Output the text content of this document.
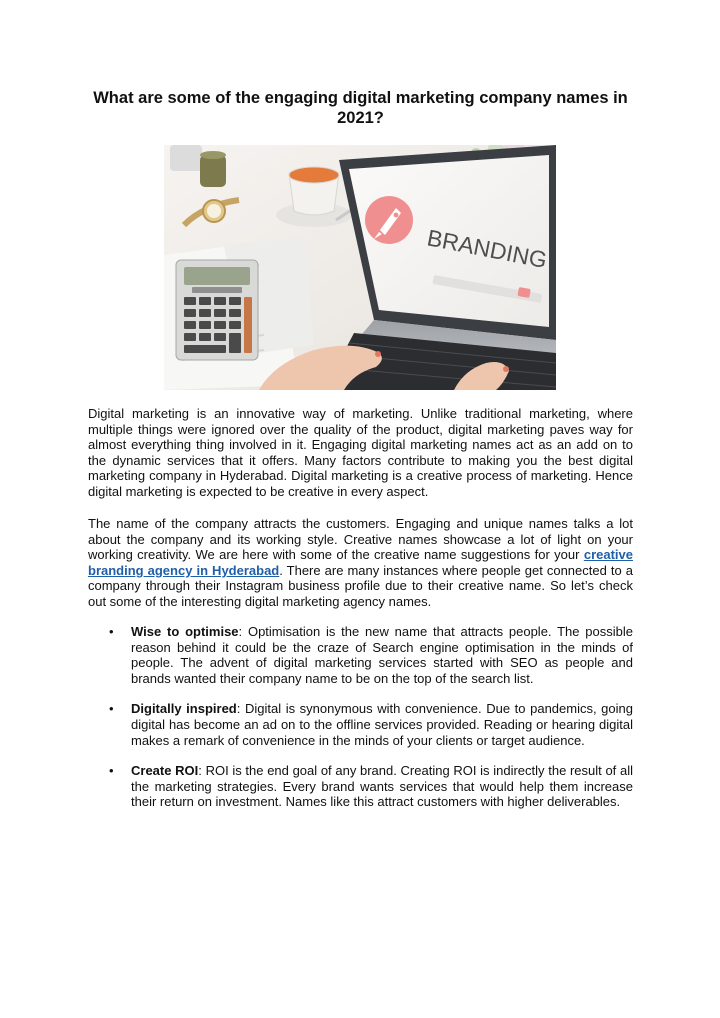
What are some of the engaging digital marketing company names in 2021?
BRANDING

Digital marketing is an innovative way of marketing. Unlike traditional marketing, where multiple things were ignored over the quality of the product, digital marketing paves way for almost everything thing involved in it. Engaging digital marketing names act as an add on to the dynamic services that it offers. Many factors contribute to making you the best digital marketing company in Hyderabad. Digital marketing is a creative process of marketing. Hence digital marketing is expected to be creative in every aspect.

The name of the company attracts the customers. Engaging and unique names talks a lot about the company and its working style. Creative names showcase a lot of light on your working creativity. We are here with some of the creative name suggestions for your creative branding agency in Hyderabad. There are many instances where people get connected to a company through their Instagram business profile due to their creative name. So let’s check out some of the interesting digital marketing agency names.

• Wise to optimise: Optimisation is the new name that attracts people. The possible reason behind it could be the craze of Search engine optimisation in the minds of people. The advent of digital marketing services started with SEO as people and brands wanted their company name to be on the top of the search list.
• Digitally inspired: Digital is synonymous with convenience. Due to pandemics, going digital has become an ad on to the offline services provided. Reading or hearing digital makes a remark of convenience in the minds of your clients or target audience.
• Create ROI: ROI is the end goal of any brand. Creating ROI is indirectly the result of all the marketing strategies. Every brand wants services that would help them increase their return on investment. Names like this attract customers with higher deliverables.
